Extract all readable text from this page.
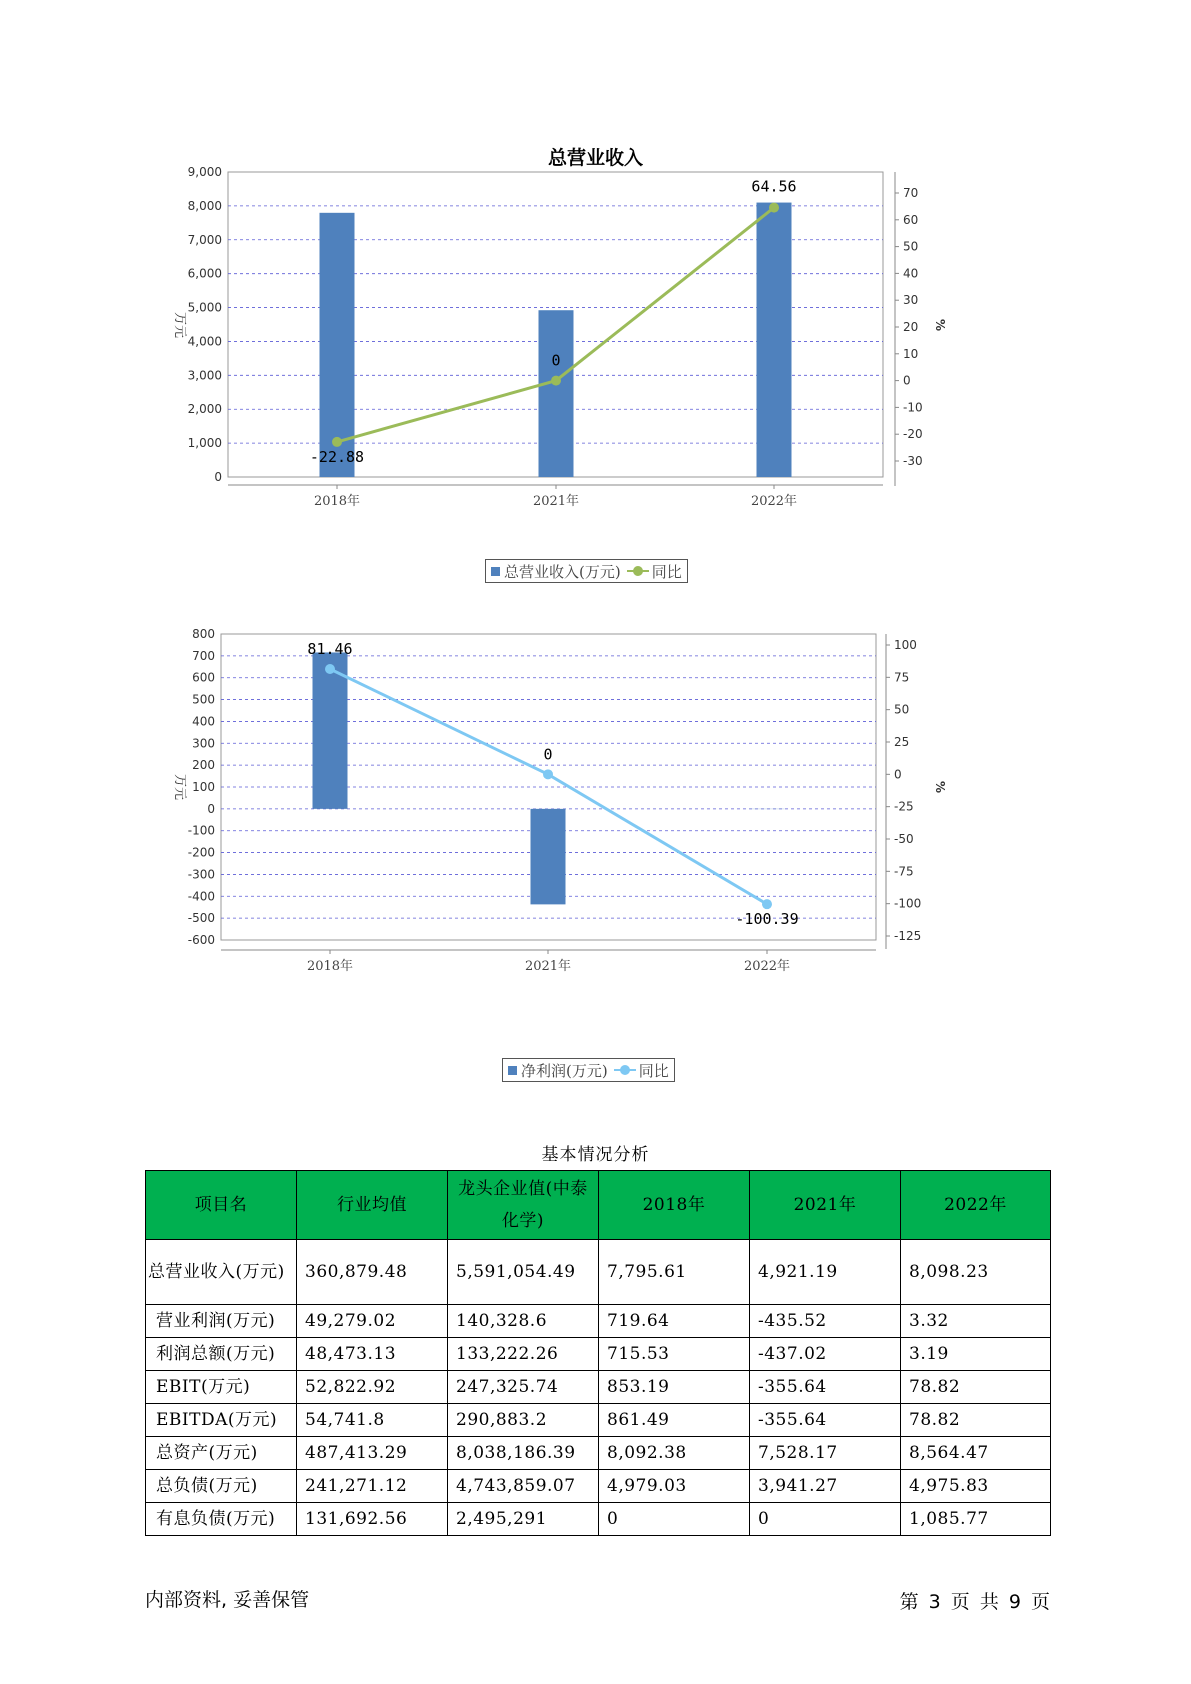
总营业收入
9,000
8,000
7,000
6,000
5,000
4,000
3,000
2,000
1,000
0
70
60
50
40
30
20
10
0
-10
-20
-30
2018年	2021年	2022年
万元	%
-22.88
0
64.56
总营业收入(万元) 同比
800
700
600
500
400
300
200
100
0
-100
-200
-300
-400
-500
-600
100
75
50
25
0
-25
-50
-75
-100
-125
2018年	2021年	2022年
万元	%
81.46
0
-100.39
净利润(万元) 同比
基本情况分析
项目名	行业均值	龙头企业值(中泰化学)	2018年	2021年	2022年
总营业收入(万元)	360,879.48	5,591,054.49	7,795.61	4,921.19	8,098.23
营业利润(万元)	49,279.02	140,328.6	719.64	-435.52	3.32
利润总额(万元)	48,473.13	133,222.26	715.53	-437.02	3.19
EBIT(万元)	52,822.92	247,325.74	853.19	-355.64	78.82
EBITDA(万元)	54,741.8	290,883.2	861.49	-355.64	78.82
总资产(万元)	487,413.29	8,038,186.39	8,092.38	7,528.17	8,564.47
总负债(万元)	241,271.12	4,743,859.07	4,979.03	3,941.27	4,975.83
有息负债(万元)	131,692.56	2,495,291	0	0	1,085.77
内部资料, 妥善保管	第 3 页 共 9 页
